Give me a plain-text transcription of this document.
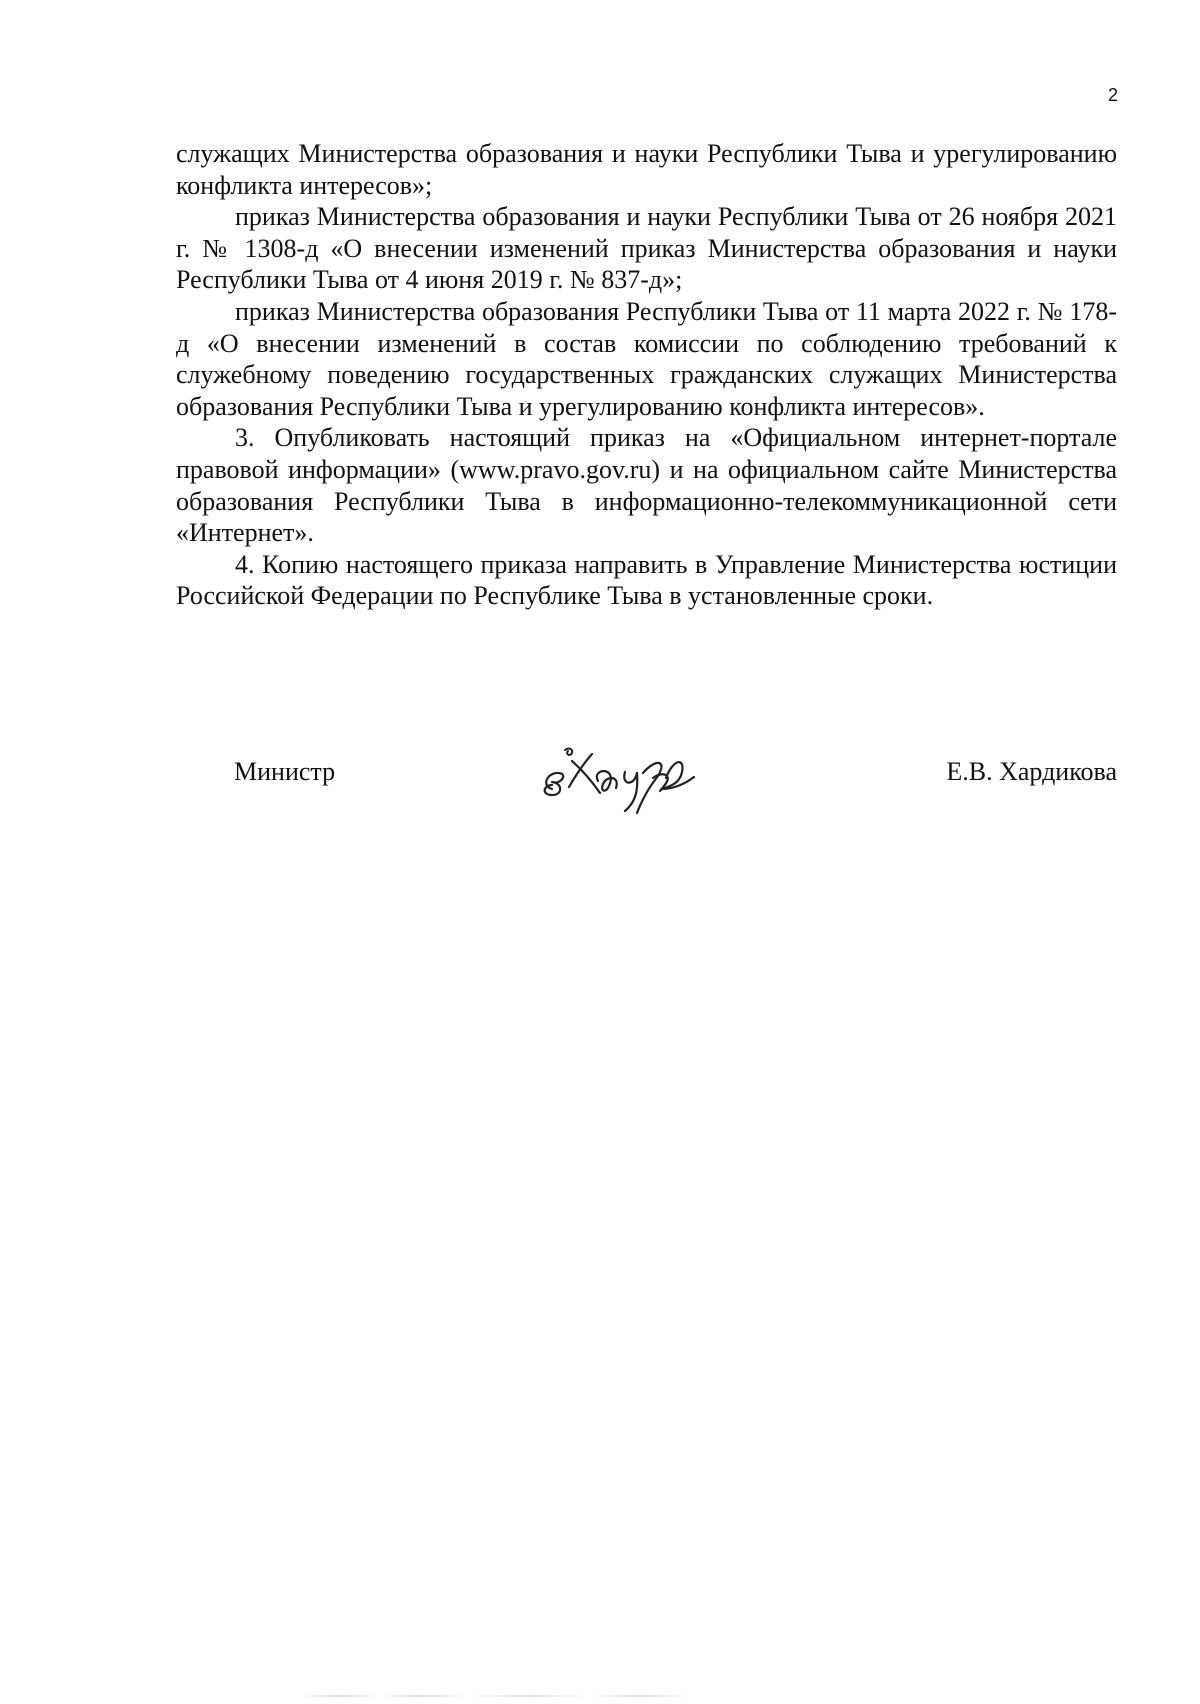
2

служащих Министерства образования и науки Республики Тыва и урегулированию конфликта интересов»;

приказ Министерства образования и науки Республики Тыва от 26 ноября 2021 г. № 1308-д «О внесении изменений приказ Министерства образования и науки Республики Тыва от 4 июня 2019 г. № 837-д»;

приказ Министерства образования Республики Тыва от 11 марта 2022 г. № 178-д «О внесении изменений в состав комиссии по соблюдению требований к служебному поведению государственных гражданских служащих Министерства образования Республики Тыва и урегулированию конфликта интересов».

3. Опубликовать настоящий приказ на «Официальном интернет-портале правовой информации» (www.pravo.gov.ru) и на официальном сайте Министерства образования Республики Тыва в информационно-телекоммуникационной сети «Интернет».

4. Копию настоящего приказа направить в Управление Министерства юстиции Российской Федерации по Республике Тыва в установленные сроки.

Министр	Е.В. Хардикова
